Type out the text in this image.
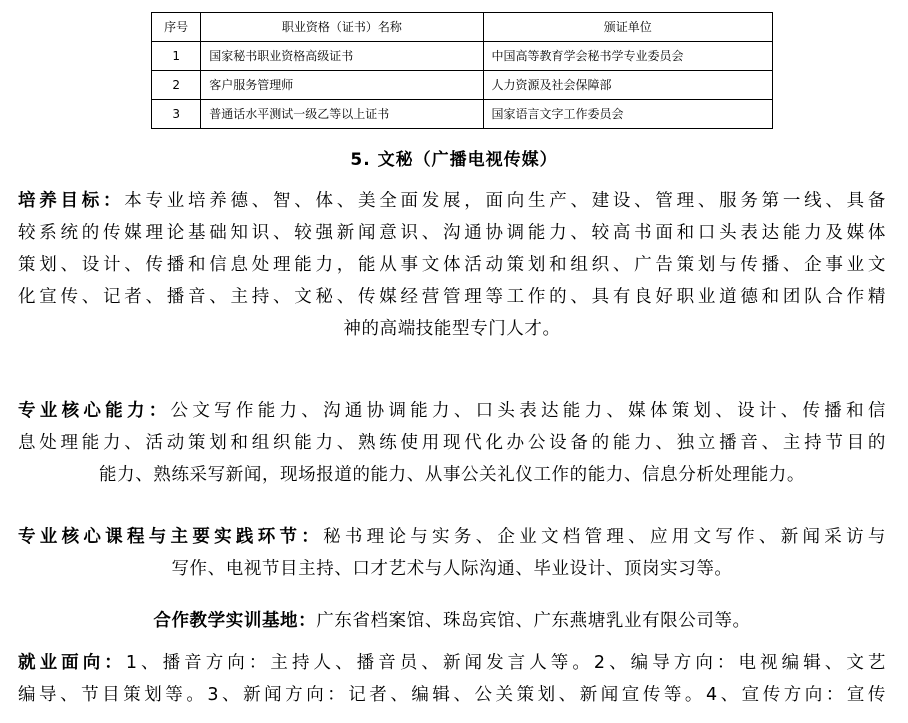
序号	职业资格（证书）名称	颁证单位
1	国家秘书职业资格高级证书	中国高等教育学会秘书学专业委员会
2	客户服务管理师	人力资源及社会保障部
3	普通话水平测试一级乙等以上证书	国家语言文字工作委员会
5. 文秘（广播电视传媒）
培养目标：本专业培养德、智、体、美全面发展，面向生产、建设、管理、服务第一线、具备
较系统的传媒理论基础知识、较强新闻意识、沟通协调能力、较高书面和口头表达能力及媒体
策划、设计、传播和信息处理能力，能从事文体活动策划和组织、广告策划与传播、企事业文
化宣传、记者、播音、主持、文秘、传媒经营管理等工作的、具有良好职业道德和团队合作精
神的高端技能型专门人才。
专业核心能力：公文写作能力、沟通协调能力、口头表达能力、媒体策划、设计、传播和信
息处理能力、活动策划和组织能力、熟练使用现代化办公设备的能力、独立播音、主持节目的
能力、熟练采写新闻，现场报道的能力、从事公关礼仪工作的能力、信息分析处理能力。
专业核心课程与主要实践环节：秘书理论与实务、企业文档管理、应用文写作、新闻采访与
写作、电视节目主持、口才艺术与人际沟通、毕业设计、顶岗实习等。
合作教学实训基地：广东省档案馆、珠岛宾馆、广东燕塘乳业有限公司等。
就业面向：1、播音方向：主持人、播音员、新闻发言人等。2、编导方向：电视编辑、文艺
编导、节目策划等。3、新闻方向：记者、编辑、公关策划、新闻宣传等。4、宣传方向：宣传
